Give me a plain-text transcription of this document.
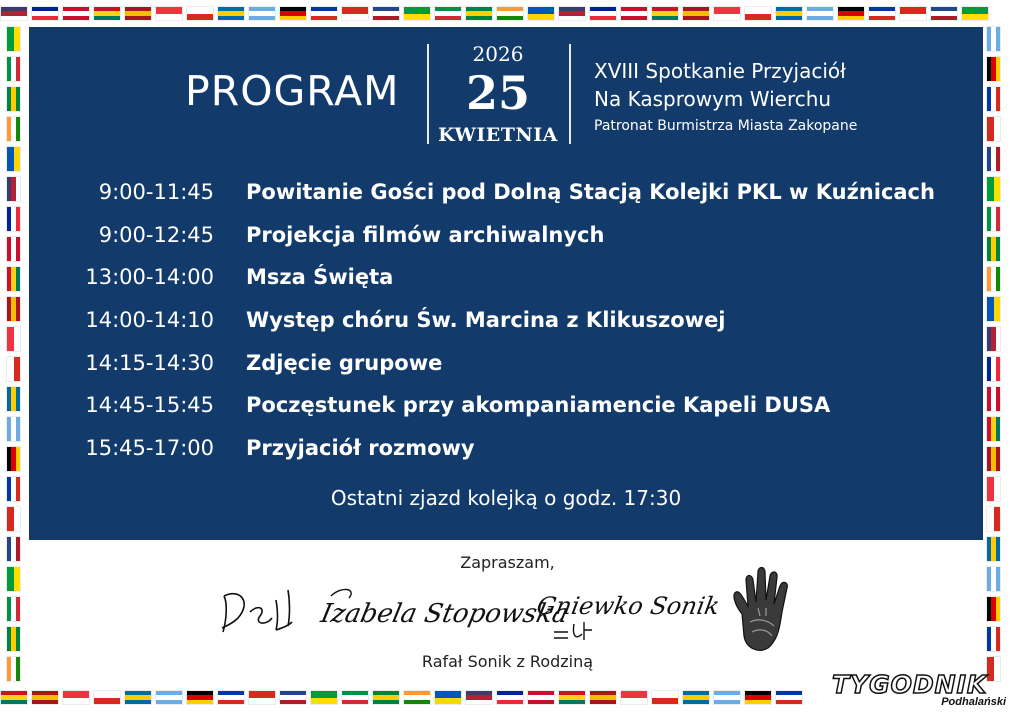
PROGRAM
2026
25
KWIETNIA
XVIII Spotkanie Przyjaciół
Na Kasprowym Wierchu
Patronat Burmistrza Miasta Zakopane
9:00-11:45 Powitanie Gości pod Dolną Stacją Kolejki PKL w Kuźnicach
9:00-12:45 Projekcja filmów archiwalnych
13:00-14:00 Msza Święta
14:00-14:10 Występ chóru Św. Marcina z Klikuszowej
14:15-14:30 Zdjęcie grupowe
14:45-15:45 Poczęstunek przy akompaniamencie Kapeli DUSA
15:45-17:00 Przyjaciół rozmowy
Ostatni zjazd kolejką o godz. 17:30
Zapraszam,
Izabela Stopowska
Gniewko Sonik
Rafał Sonik z Rodziną
TYGODNIK
Podhalański
